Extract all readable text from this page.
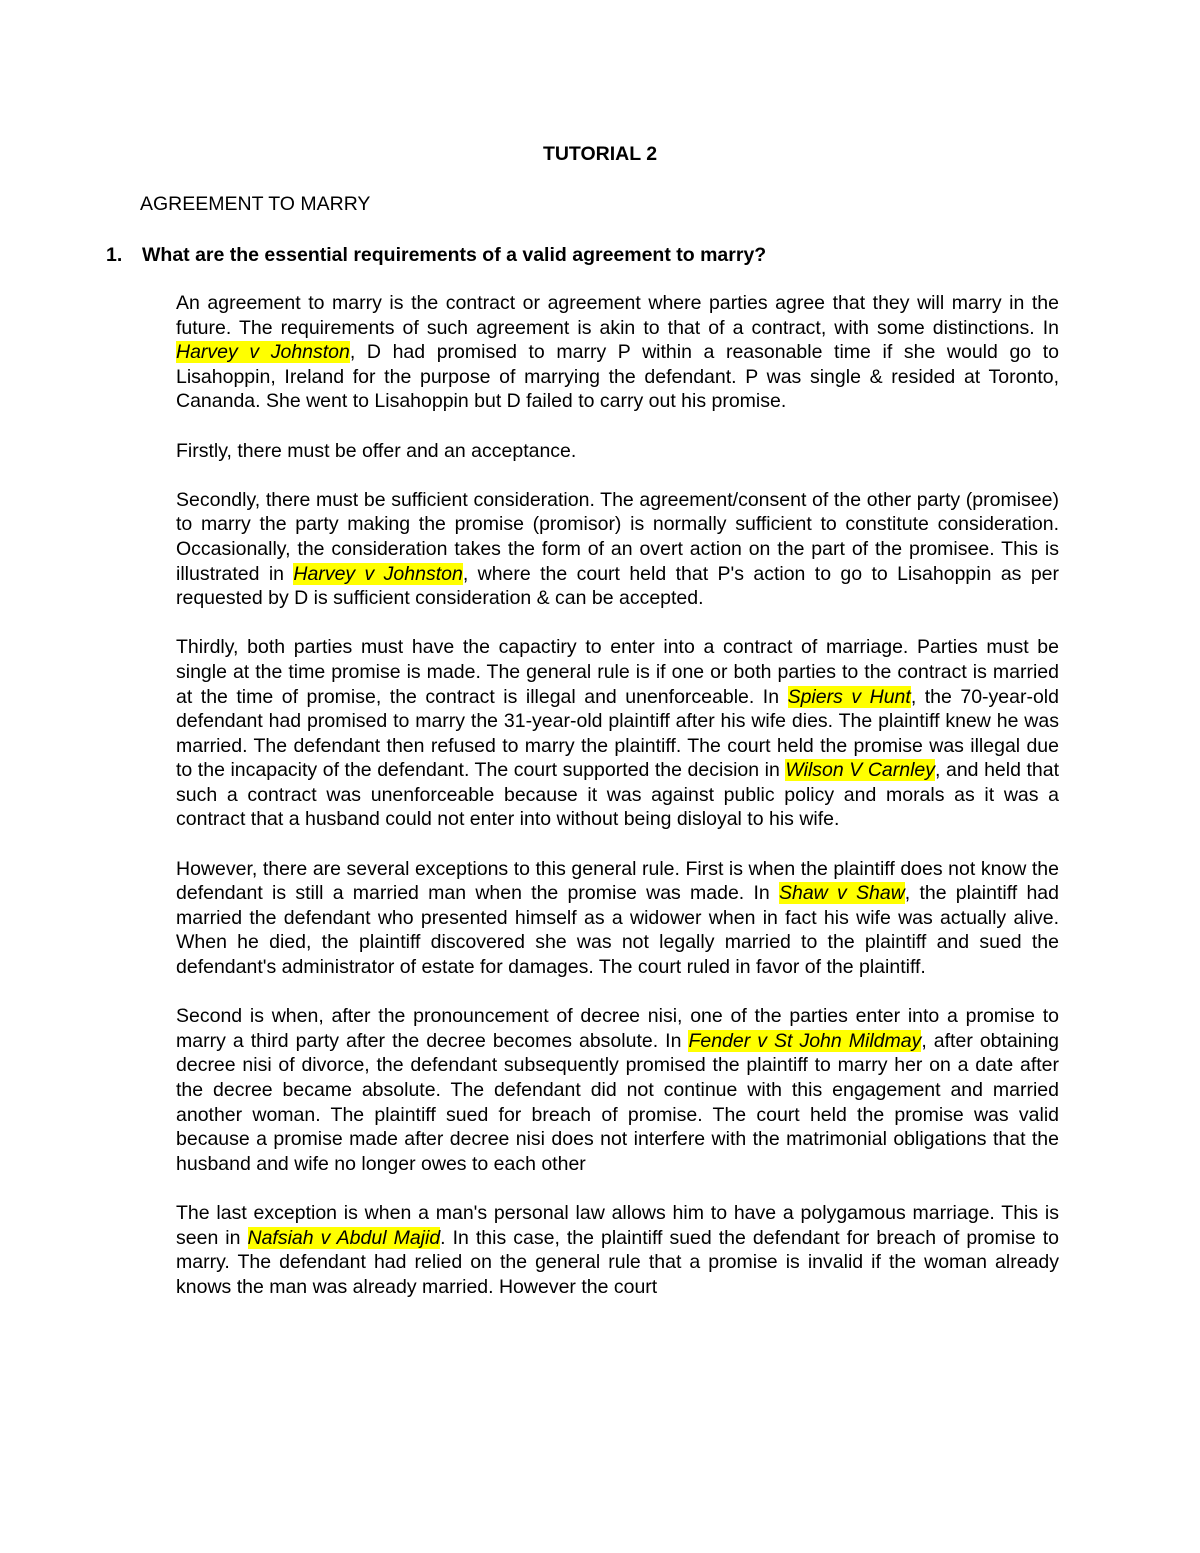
TUTORIAL 2
AGREEMENT TO MARRY
1. What are the essential requirements of a valid agreement to marry?

An agreement to marry is the contract or agreement where parties agree that they will marry in the future. The requirements of such agreement is akin to that of a contract, with some distinctions. In Harvey v Johnston, D had promised to marry P within a reasonable time if she would go to Lisahoppin, Ireland for the purpose of marrying the defendant. P was single & resided at Toronto, Cananda. She went to Lisahoppin but D failed to carry out his promise.

Firstly, there must be offer and an acceptance.

Secondly, there must be sufficient consideration. The agreement/consent of the other party (promisee) to marry the party making the promise (promisor) is normally sufficient to constitute consideration. Occasionally, the consideration takes the form of an overt action on the part of the promisee. This is illustrated in Harvey v Johnston, where the court held that P's action to go to Lisahoppin as per requested by D is sufficient consideration & can be accepted.

Thirdly, both parties must have the capactiry to enter into a contract of marriage. Parties must be single at the time promise is made. The general rule is if one or both parties to the contract is married at the time of promise, the contract is illegal and unenforceable. In Spiers v Hunt, the 70-year-old defendant had promised to marry the 31-year-old plaintiff after his wife dies. The plaintiff knew he was married. The defendant then refused to marry the plaintiff. The court held the promise was illegal due to the incapacity of the defendant. The court supported the decision in Wilson V Carnley, and held that such a contract was unenforceable because it was against public policy and morals as it was a contract that a husband could not enter into without being disloyal to his wife.

However, there are several exceptions to this general rule. First is when the plaintiff does not know the defendant is still a married man when the promise was made. In Shaw v Shaw, the plaintiff had married the defendant who presented himself as a widower when in fact his wife was actually alive. When he died, the plaintiff discovered she was not legally married to the plaintiff and sued the defendant's administrator of estate for damages. The court ruled in favor of the plaintiff.

Second is when, after the pronouncement of decree nisi, one of the parties enter into a promise to marry a third party after the decree becomes absolute. In Fender v St John Mildmay, after obtaining decree nisi of divorce, the defendant subsequently promised the plaintiff to marry her on a date after the decree became absolute. The defendant did not continue with this engagement and married another woman. The plaintiff sued for breach of promise. The court held the promise was valid because a promise made after decree nisi does not interfere with the matrimonial obligations that the husband and wife no longer owes to each other

The last exception is when a man's personal law allows him to have a polygamous marriage. This is seen in Nafsiah v Abdul Majid. In this case, the plaintiff sued the defendant for breach of promise to marry. The defendant had relied on the general rule that a promise is invalid if the woman already knows the man was already married. However the court
